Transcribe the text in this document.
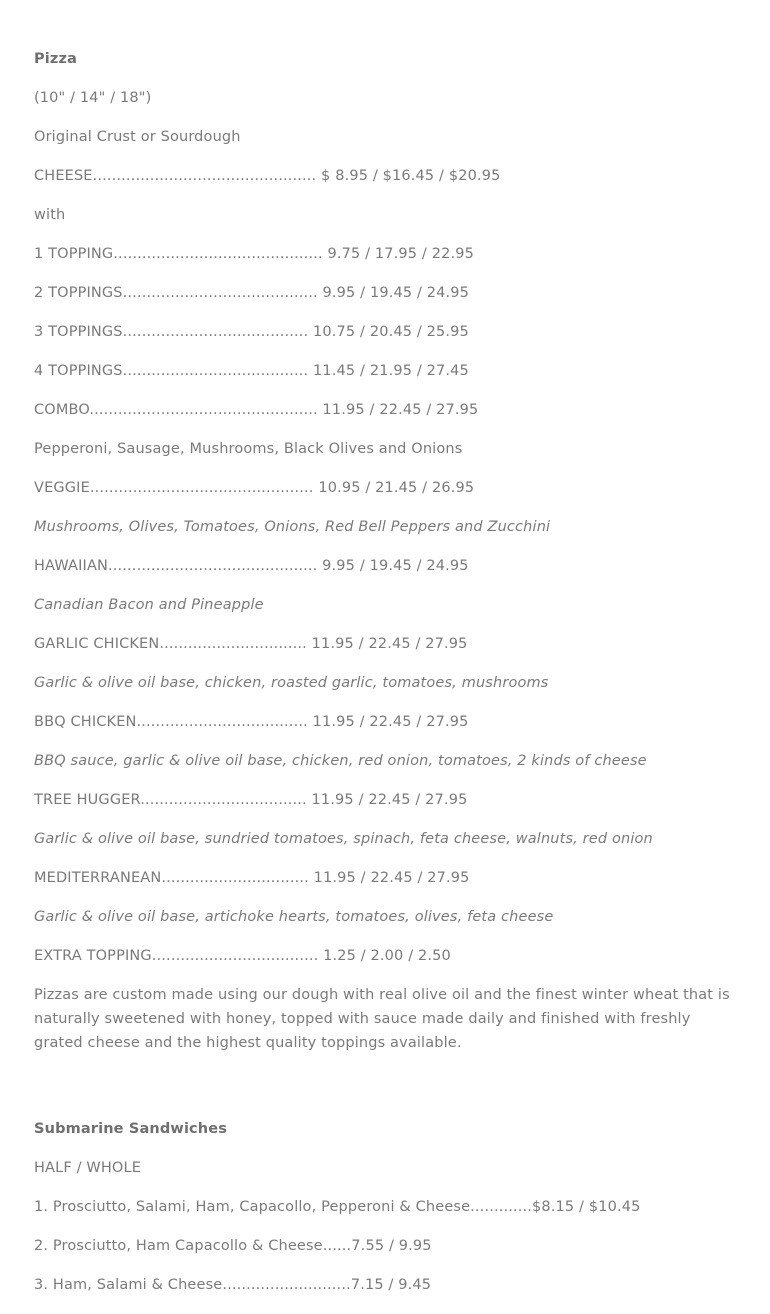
Pizza

(10" / 14" / 18")

Original Crust or Sourdough

CHEESE............................................... $ 8.95 / $16.45 / $20.95

with

1 TOPPING............................................ 9.75 / 17.95 / 22.95

2 TOPPINGS......................................... 9.95 / 19.45 / 24.95

3 TOPPINGS....................................... 10.75 / 20.45 / 25.95

4 TOPPINGS....................................... 11.45 / 21.95 / 27.45

COMBO................................................ 11.95 / 22.45 / 27.95

Pepperoni, Sausage, Mushrooms, Black Olives and Onions

VEGGIE............................................... 10.95 / 21.45 / 26.95

Mushrooms, Olives, Tomatoes, Onions, Red Bell Peppers and Zucchini

HAWAIIAN............................................ 9.95 / 19.45 / 24.95

Canadian Bacon and Pineapple

GARLIC CHICKEN............................... 11.95 / 22.45 / 27.95

Garlic & olive oil base, chicken, roasted garlic, tomatoes, mushrooms

BBQ CHICKEN.................................... 11.95 / 22.45 / 27.95

BBQ sauce, garlic & olive oil base, chicken, red onion, tomatoes, 2 kinds of cheese

TREE HUGGER................................... 11.95 / 22.45 / 27.95

Garlic & olive oil base, sundried tomatoes, spinach, feta cheese, walnuts, red onion

MEDITERRANEAN............................... 11.95 / 22.45 / 27.95

Garlic & olive oil base, artichoke hearts, tomatoes, olives, feta cheese

EXTRA TOPPING................................... 1.25 / 2.00 / 2.50

Pizzas are custom made using our dough with real olive oil and the finest winter wheat that is naturally sweetened with honey, topped with sauce made daily and finished with freshly grated cheese and the highest quality toppings available.

Submarine Sandwiches

HALF / WHOLE

1. Prosciutto, Salami, Ham, Capacollo, Pepperoni & Cheese.............$8.15 / $10.45

2. Prosciutto, Ham Capacollo & Cheese......7.55 / 9.95

3. Ham, Salami & Cheese...........................7.15 / 9.45
